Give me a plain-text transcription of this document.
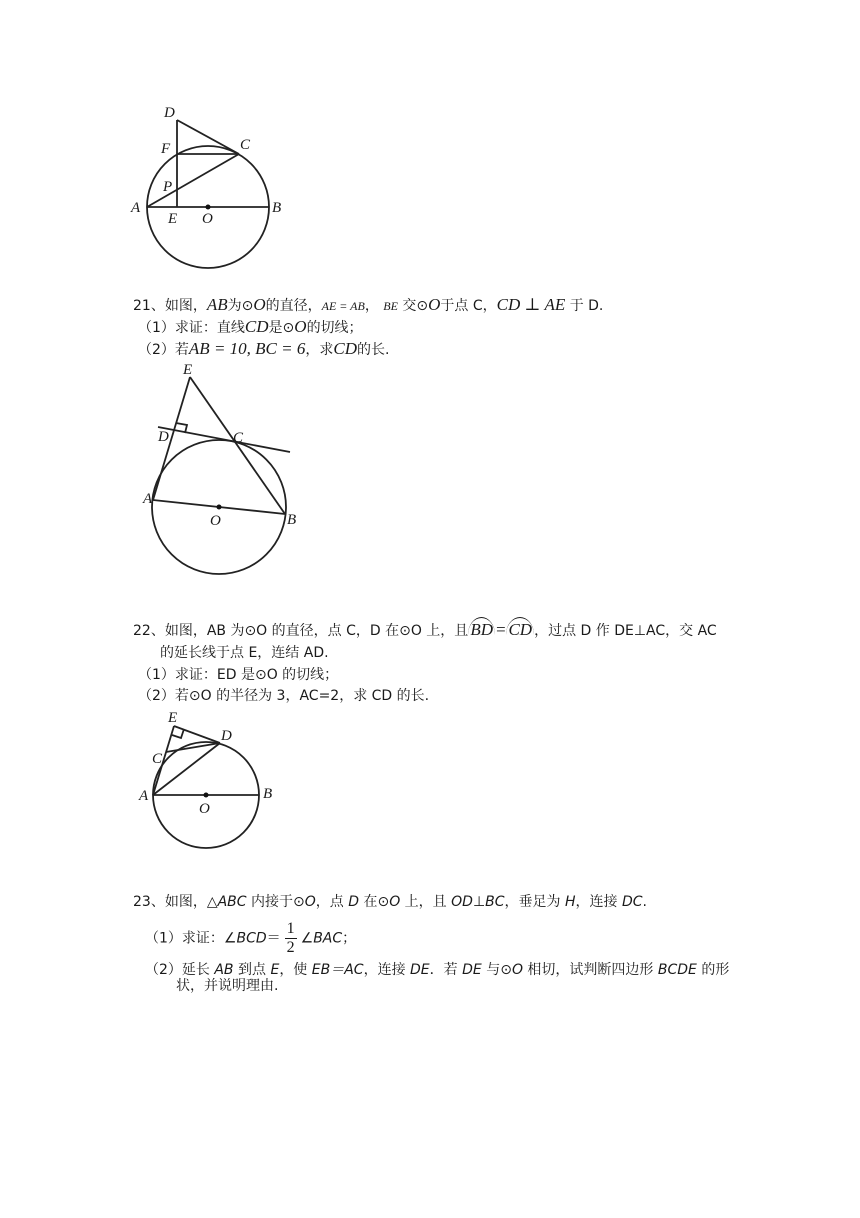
D
F	C
P
A
E O
B
21、如图，AB为⊙O的直径，AE = AB， BE 交⊙O于点 C，CD ⊥ AE 于 D.
（1）求证：直线CD是⊙O的切线；
（2）若AB = 10, BC = 6，求CD的长.
E
D	C
A
O	B
22、如图，AB 为⊙O 的直径，点 C，D 在⊙O 上，且 BD = CD ，过点 D 作 DE⊥AC，交 AC
的延长线于点 E，连结 AD.
（1）求证：ED 是⊙O 的切线；
（2）若⊙O 的半径为 3，AC=2，求 CD 的长.
E
D
C
A
O
B
23、如图，△ABC 内接于⊙O，点 D 在⊙O 上，且 OD⊥BC，垂足为 H，连接 DC.
（1）求证：∠BCD＝ $\frac{1}{2}$ ∠BAC；
（2）延长 AB 到点 E，使 EB＝AC，连接 DE．若 DE 与⊙O 相切，试判断四边形 BCDE 的形
状，并说明理由.
